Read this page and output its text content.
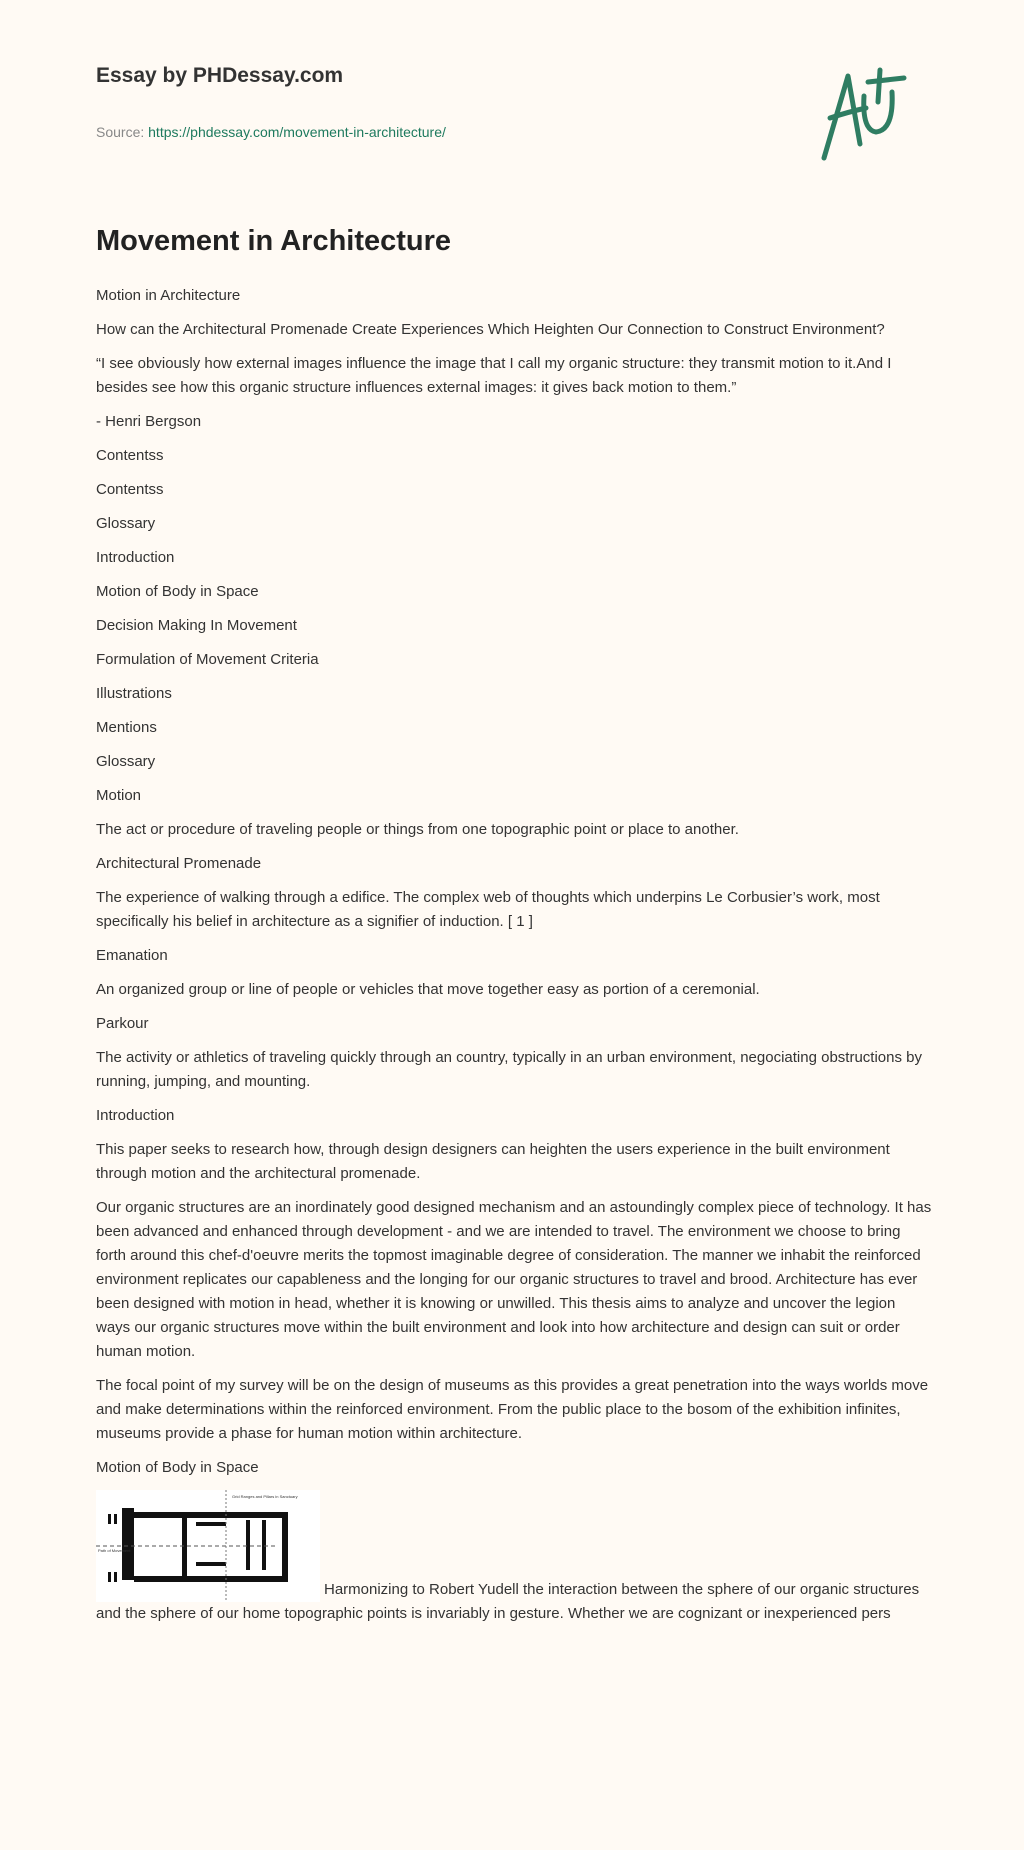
Essay by PHDessay.com

Source: https://phdessay.com/movement-in-architecture/
Movement in Architecture

Motion in Architecture

How can the Architectural Promenade Create Experiences Which Heighten Our Connection to Construct Environment?

“I see obviously how external images influence the image that I call my organic structure: they transmit motion to it.And I besides see how this organic structure influences external images: it gives back motion to them.”

- Henri Bergson

Contentss

Contentss

Glossary

Introduction

Motion of Body in Space

Decision Making In Movement

Formulation of Movement Criteria

Illustrations

Mentions

Glossary

Motion

The act or procedure of traveling people or things from one topographic point or place to another.

Architectural Promenade

The experience of walking through a edifice. The complex web of thoughts which underpins Le Corbusier’s work, most specifically his belief in architecture as a signifier of induction. [ 1 ]

Emanation

An organized group or line of people or vehicles that move together easy as portion of a ceremonial.

Parkour

The activity or athletics of traveling quickly through an country, typically in an urban environment, negociating obstructions by running, jumping, and mounting.

Introduction

This paper seeks to research how, through design designers can heighten the users experience in the built environment through motion and the architectural promenade.

Our organic structures are an inordinately good designed mechanism and an astoundingly complex piece of technology. It has been advanced and enhanced through development - and we are intended to travel. The environment we choose to bring forth around this chef-d'oeuvre merits the topmost imaginable degree of consideration. The manner we inhabit the reinforced environment replicates our capableness and the longing for our organic structures to travel and brood. Architecture has ever been designed with motion in head, whether it is knowing or unwilled. This thesis aims to analyze and uncover the legion ways our organic structures move within the built environment and look into how architecture and design can suit or order human motion.

The focal point of my survey will be on the design of museums as this provides a great penetration into the ways worlds move and make determinations within the reinforced environment. From the public place to the bosom of the exhibition infinites, museums provide a phase for human motion within architecture.

Motion of Body in Space

Grid Ranges and Pillars in Sanctuary
Path of Movement
Harmonizing to Robert Yudell the interaction between the sphere of our organic structures and the sphere of our home topographic points is invariably in gesture. Whether we are cognizant or inexperienced pers
